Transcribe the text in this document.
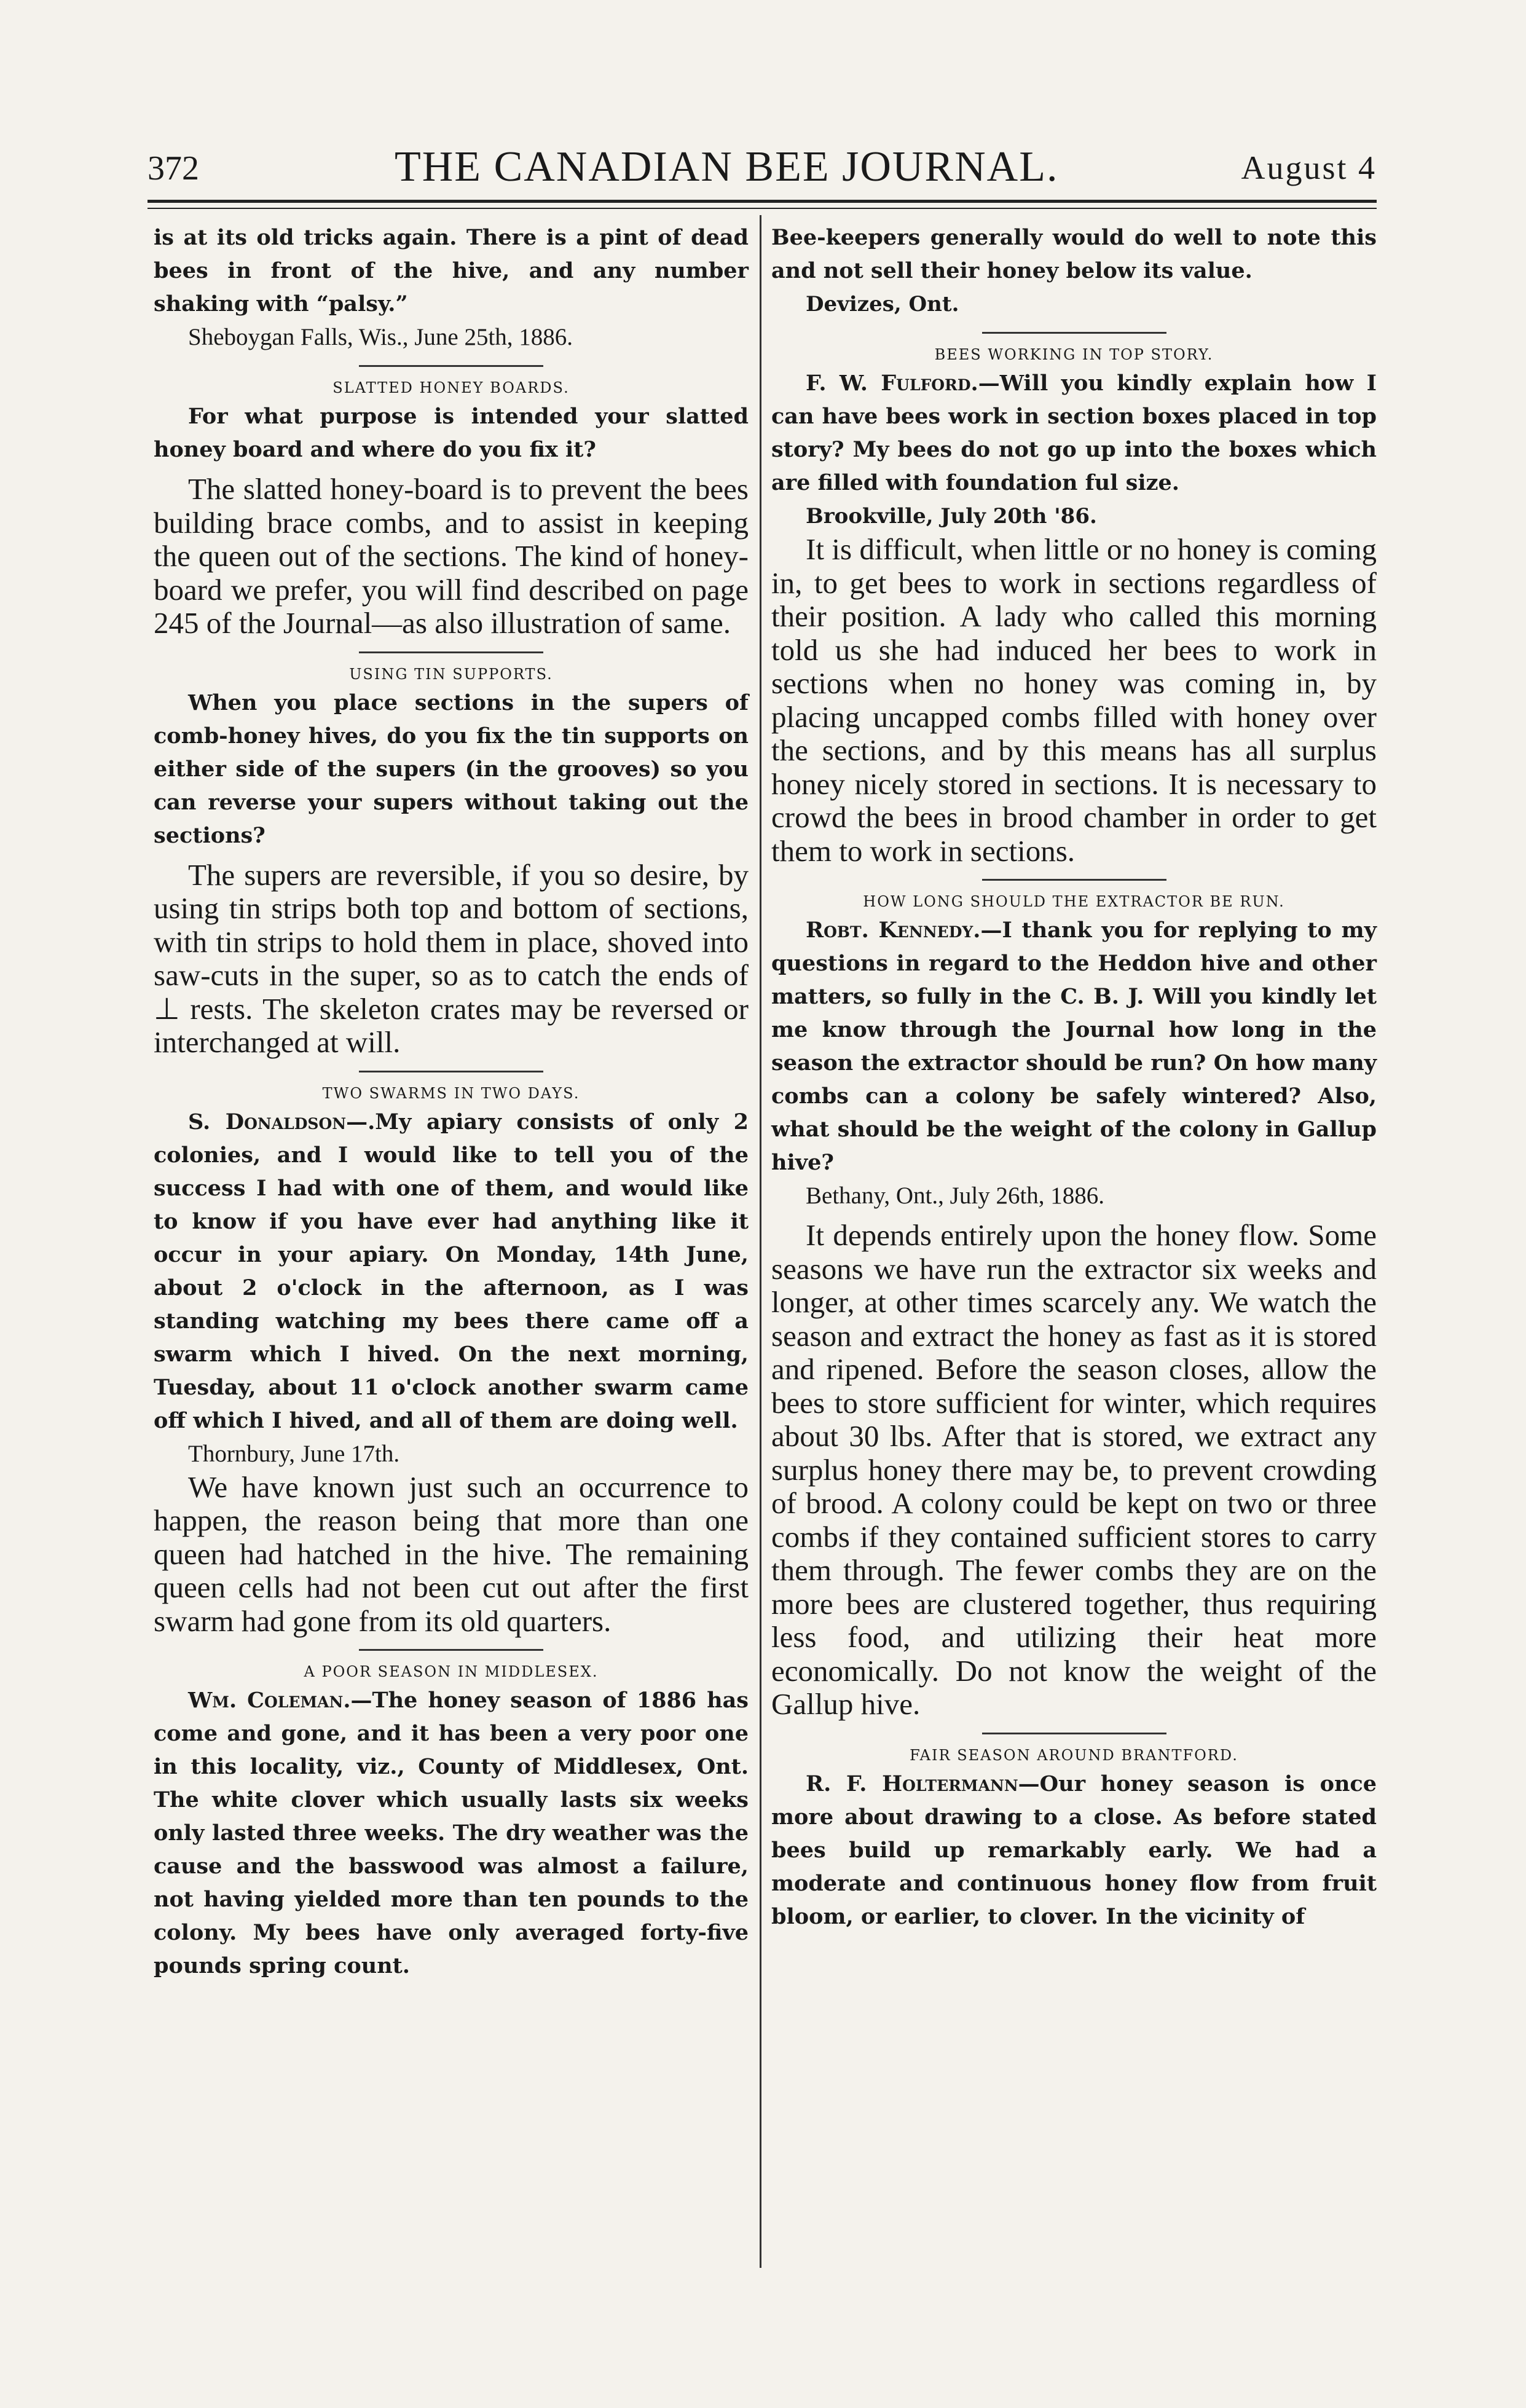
372	THE CANADIAN BEE JOURNAL.	August 4

is at its old tricks again. There is a pint of dead bees in front of the hive, and any number shaking with “palsy.”

Sheboygan Falls, Wis., June 25th, 1886.

SLATTED HONEY BOARDS.

For what purpose is intended your slatted honey board and where do you fix it?

The slatted honey-board is to prevent the bees building brace combs, and to assist in keeping the queen out of the sections. The kind of honey-board we prefer, you will find described on page 245 of the Journal—as also illustration of same.

USING TIN SUPPORTS.

When you place sections in the supers of comb-honey hives, do you fix the tin supports on either side of the supers (in the grooves) so you can reverse your supers without taking out the sections?

The supers are reversible, if you so desire, by using tin strips both top and bottom of sections, with tin strips to hold them in place, shoved into saw-cuts in the super, so as to catch the ends of ⊥ rests. The skeleton crates may be reversed or interchanged at will.

TWO SWARMS IN TWO DAYS.

S. Donaldson—.My apiary consists of only 2 colonies, and I would like to tell you of the success I had with one of them, and would like to know if you have ever had anything like it occur in your apiary. On Monday, 14th June, about 2 o'clock in the afternoon, as I was standing watching my bees there came off a swarm which I hived. On the next morning, Tuesday, about 11 o'clock another swarm came off which I hived, and all of them are doing well.

Thornbury, June 17th.

We have known just such an occurrence to happen, the reason being that more than one queen had hatched in the hive. The remaining queen cells had not been cut out after the first swarm had gone from its old quarters.

A POOR SEASON IN MIDDLESEX.

Wm. Coleman.—The honey season of 1886 has come and gone, and it has been a very poor one in this locality, viz., County of Middlesex, Ont. The white clover which usually lasts six weeks only lasted three weeks. The dry weather was the cause and the basswood was almost a failure, not having yielded more than ten pounds to the colony. My bees have only averaged forty-five pounds spring count.

Bee-keepers generally would do well to note this and not sell their honey below its value.

Devizes, Ont.

BEES WORKING IN TOP STORY.

F. W. Fulford.—Will you kindly explain how I can have bees work in section boxes placed in top story? My bees do not go up into the boxes which are filled with foundation ful size.

Brookville, July 20th '86.

It is difficult, when little or no honey is coming in, to get bees to work in sections regardless of their position. A lady who called this morning told us she had induced her bees to work in sections when no honey was coming in, by placing uncapped combs filled with honey over the sections, and by this means has all surplus honey nicely stored in sections. It is necessary to crowd the bees in brood chamber in order to get them to work in sections.

HOW LONG SHOULD THE EXTRACTOR BE RUN.

Robt. Kennedy.—I thank you for replying to my questions in regard to the Heddon hive and other matters, so fully in the C. B. J. Will you kindly let me know through the Journal how long in the season the extractor should be run? On how many combs can a colony be safely wintered? Also, what should be the weight of the colony in Gallup hive?

Bethany, Ont., July 26th, 1886.

It depends entirely upon the honey flow. Some seasons we have run the extractor six weeks and longer, at other times scarcely any. We watch the season and extract the honey as fast as it is stored and ripened. Before the season closes, allow the bees to store sufficient for winter, which requires about 30 lbs. After that is stored, we extract any surplus honey there may be, to prevent crowding of brood. A colony could be kept on two or three combs if they contained sufficient stores to carry them through. The fewer combs they are on the more bees are clustered together, thus requiring less food, and utilizing their heat more economically. Do not know the weight of the Gallup hive.

FAIR SEASON AROUND BRANTFORD.

R. F. Holtermann—Our honey season is once more about drawing to a close. As before stated bees build up remarkably early. We had a moderate and continuous honey flow from fruit bloom, or earlier, to clover. In the vicinity of
